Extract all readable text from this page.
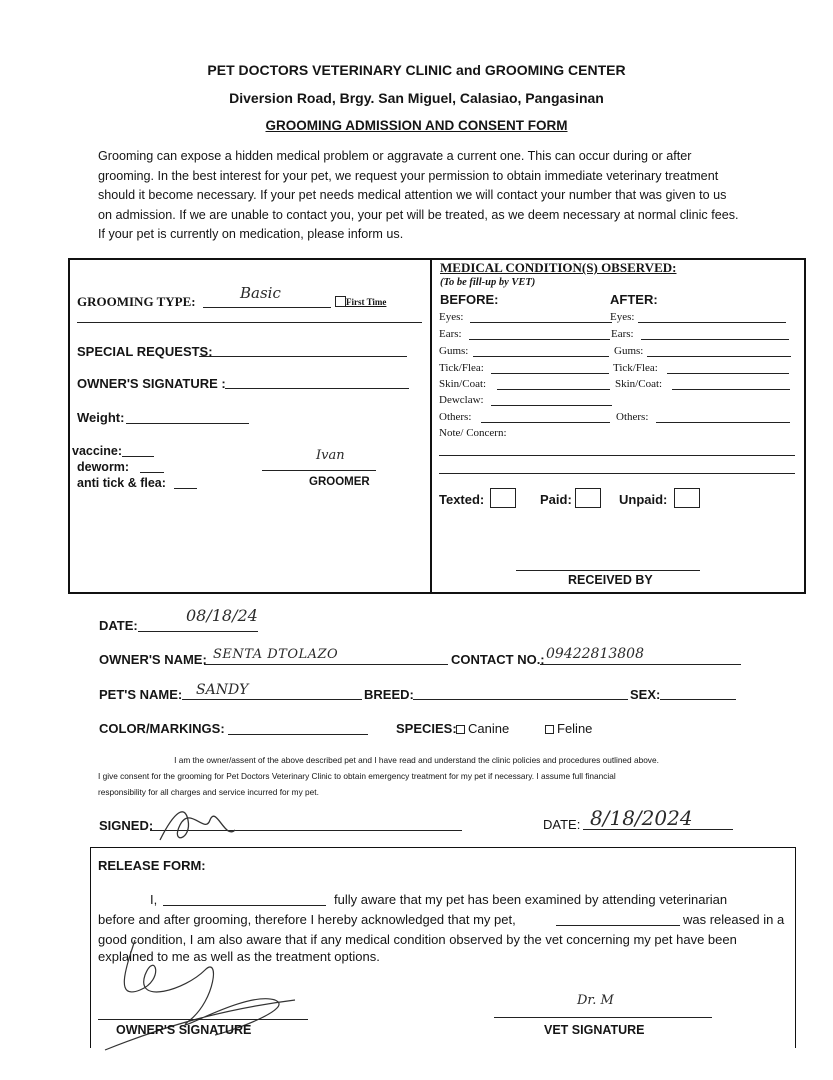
PET DOCTORS VETERINARY CLINIC and GROOMING CENTER
Diversion Road, Brgy. San Miguel, Calasiao, Pangasinan
GROOMING ADMISSION AND CONSENT FORM
Grooming can expose a hidden medical problem or aggravate a current one. This can occur during or after
grooming. In the best interest for your pet, we request your permission to obtain immediate veterinary treatment
should it become necessary. If your pet needs medical attention we will contact your number that was given to us
on admission. If we are unable to contact you, your pet will be treated, as we deem necessary at normal clinic fees.
If your pet is currently on medication, please inform us.
GROOMING TYPE:	Basic	First Time
SPECIAL REQUESTS:
OWNER'S SIGNATURE :
Weight:
vaccine:
deworm:
anti tick & flea:
Ivan
GROOMER
MEDICAL CONDITION(S) OBSERVED:
(To be fill-up by VET)
BEFORE:	AFTER:
Eyes:	Eyes:
Ears:	Ears:
Gums:	Gums:
Tick/Flea:	Tick/Flea:
Skin/Coat:	Skin/Coat:
Dewclaw:
Others:	Others:
Note/ Concern:
Texted:	Paid:	Unpaid:
RECEIVED BY
DATE:
08/18/24
OWNER'S NAME: SENTA DTOLAZO	CONTACT NO.: 09422813808
PET'S NAME: SANDY	BREED:	SEX:
COLOR/MARKINGS:	SPECIES: Canine	Feline
I am the owner/assent of the above described pet and I have read and understand the clinic policies and procedures outlined above.
I give consent for the grooming for Pet Doctors Veterinary Clinic to obtain emergency treatment for my pet if necessary. I assume full financial
responsibility for all charges and service incurred for my pet.
SIGNED:	DATE: 8/18/2024
RELEASE FORM:
I,	fully aware that my pet has been examined by attending veterinarian
before and after grooming, therefore I hereby acknowledged that my pet,	was released in a
good condition, I am also aware that if any medical condition observed by the vet concerning my pet have been
explained to me as well as the treatment options.
OWNER'S SIGNATURE
Dr. M
VET SIGNATURE
